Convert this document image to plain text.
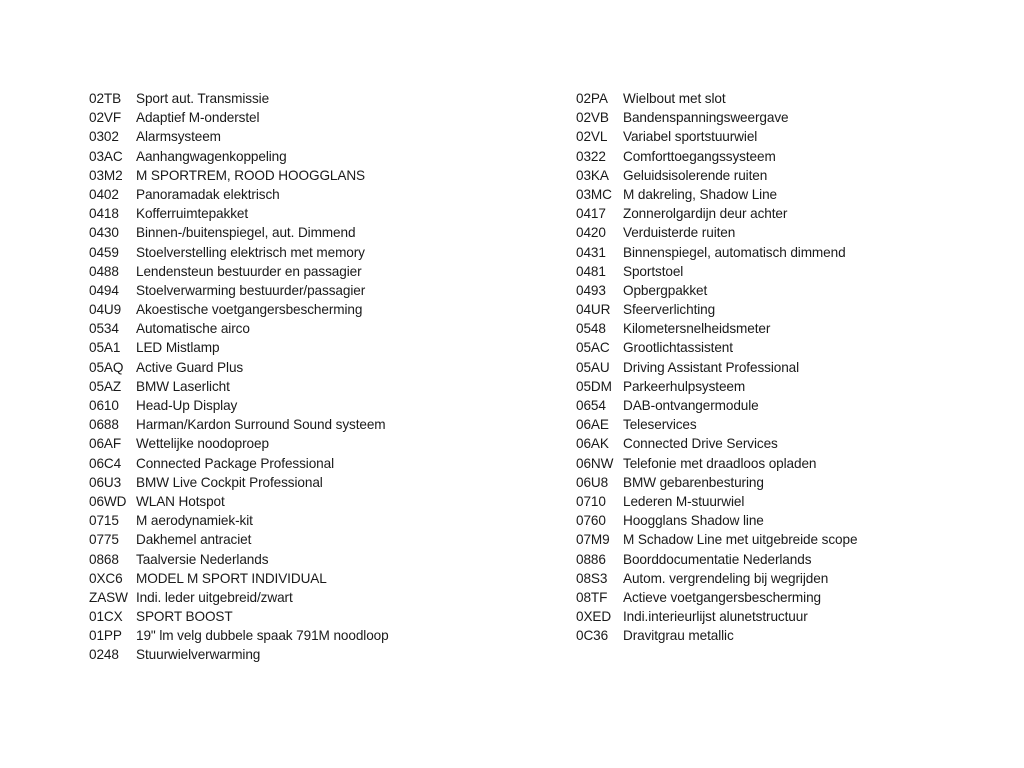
02TB	Sport aut. Transmissie
02VF	Adaptief M-onderstel
0302	Alarmsysteem
03AC Aanhangwagenkoppeling
03M2 M SPORTREM, ROOD HOOGGLANS
0402	Panoramadak elektrisch
0418	Kofferruimtepakket
0430	Binnen-/buitenspiegel, aut. Dimmend
0459	Stoelverstelling elektrisch met memory
0488	Lendensteun bestuurder en passagier
0494	Stoelverwarming bestuurder/passagier
04U9	Akoestische voetgangersbescherming
0534	Automatische airco
05A1	LED Mistlamp
05AQ Active Guard Plus
05AZ	BMW Laserlicht
0610	Head-Up Display
0688	Harman/Kardon Surround Sound systeem
06AF	Wettelijke noodoproep
06C4	Connected Package Professional
06U3	BMW Live Cockpit Professional
06WD WLAN Hotspot
0715	M aerodynamiek-kit
0775	Dakhemel antraciet
0868	Taalversie Nederlands
0XC6 MODEL M SPORT INDIVIDUAL
ZASW Indi. leder uitgebreid/zwart
01CX SPORT BOOST
01PP	19" lm velg dubbele spaak 791M noodloop
0248	Stuurwielverwarming
02PA	Wielbout met slot
02VB	Bandenspanningsweergave
02VL	Variabel sportstuurwiel
0322	Comforttoegangssysteem
03KA	Geluidsisolerende ruiten
03MC M dakreling, Shadow Line
0417	Zonnerolgardijn deur achter
0420	Verduisterde ruiten
0431	Binnenspiegel, automatisch dimmend
0481	Sportstoel
0493	Opbergpakket
04UR Sfeerverlichting
0548	Kilometersnelheidsmeter
05AC Grootlichtassistent
05AU Driving Assistant Professional
05DM Parkeerhulpsysteem
0654	DAB-ontvangermodule
06AE	Teleservices
06AK	Connected Drive Services
06NW Telefonie met draadloos opladen
06U8	BMW gebarenbesturing
0710	Lederen M-stuurwiel
0760	Hoogglans Shadow line
07M9 M Schadow Line met uitgebreide scope
0886	Boorddocumentatie Nederlands
08S3	Autom. vergrendeling bij wegrijden
08TF	Actieve voetgangersbescherming
0XED Indi.interieurlijst alunetstructuur
0C36	Dravitgrau metallic
